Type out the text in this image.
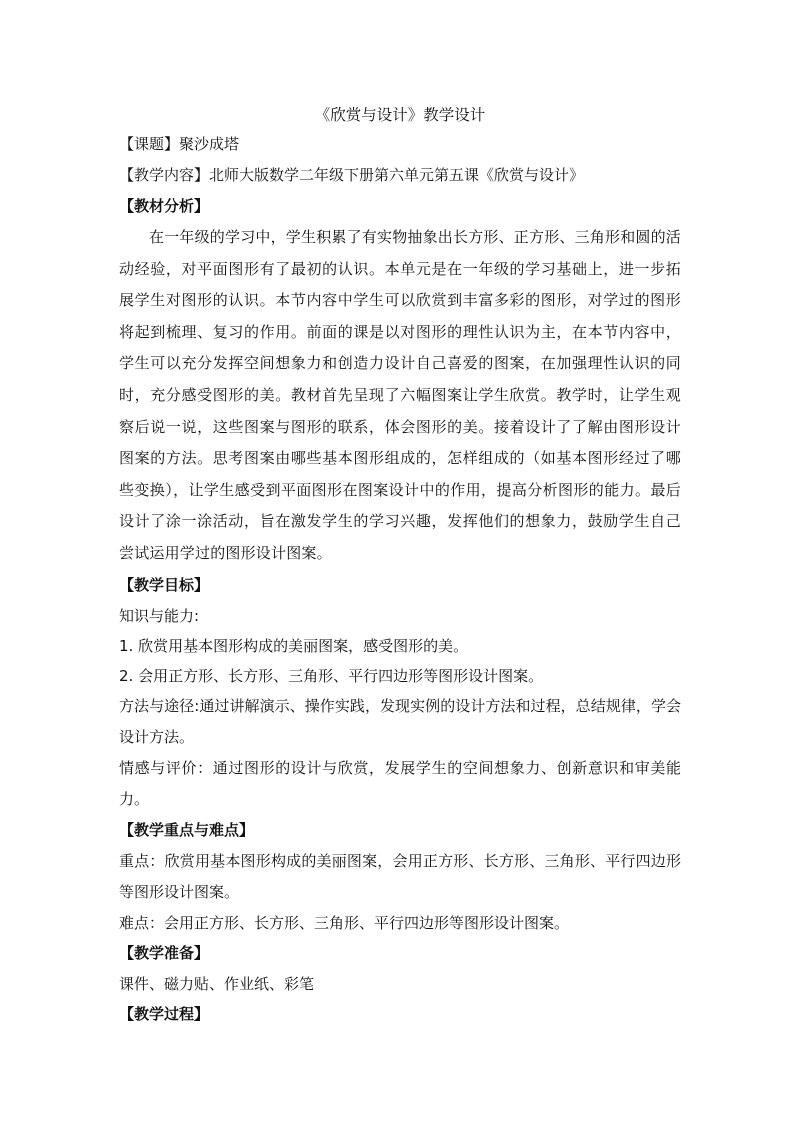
《欣赏与设计》教学设计

【课题】聚沙成塔

【教学内容】北师大版数学二年级下册第六单元第五课《欣赏与设计》

【教材分析】

在一年级的学习中，学生积累了有实物抽象出长方形、正方形、三角形和圆的活动经验，对平面图形有了最初的认识。本单元是在一年级的学习基础上，进一步拓展学生对图形的认识。本节内容中学生可以欣赏到丰富多彩的图形，对学过的图形将起到梳理、复习的作用。前面的课是以对图形的理性认识为主，在本节内容中，学生可以充分发挥空间想象力和创造力设计自己喜爱的图案，在加强理性认识的同时，充分感受图形的美。教材首先呈现了六幅图案让学生欣赏。教学时，让学生观察后说一说，这些图案与图形的联系，体会图形的美。接着设计了了解由图形设计图案的方法。思考图案由哪些基本图形组成的，怎样组成的（如基本图形经过了哪些变换），让学生感受到平面图形在图案设计中的作用，提高分析图形的能力。最后设计了涂一涂活动，旨在激发学生的学习兴趣，发挥他们的想象力，鼓励学生自己尝试运用学过的图形设计图案。

【教学目标】

知识与能力:

1. 欣赏用基本图形构成的美丽图案，感受图形的美。

2. 会用正方形、长方形、三角形、平行四边形等图形设计图案。

方法与途径:通过讲解演示、操作实践，发现实例的设计方法和过程，总结规律，学会设计方法。

情感与评价：通过图形的设计与欣赏，发展学生的空间想象力、创新意识和审美能力。

【教学重点与难点】

重点：欣赏用基本图形构成的美丽图案，会用正方形、长方形、三角形、平行四边形等图形设计图案。

难点：会用正方形、长方形、三角形、平行四边形等图形设计图案。

【教学准备】

课件、磁力贴、作业纸、彩笔

【教学过程】
